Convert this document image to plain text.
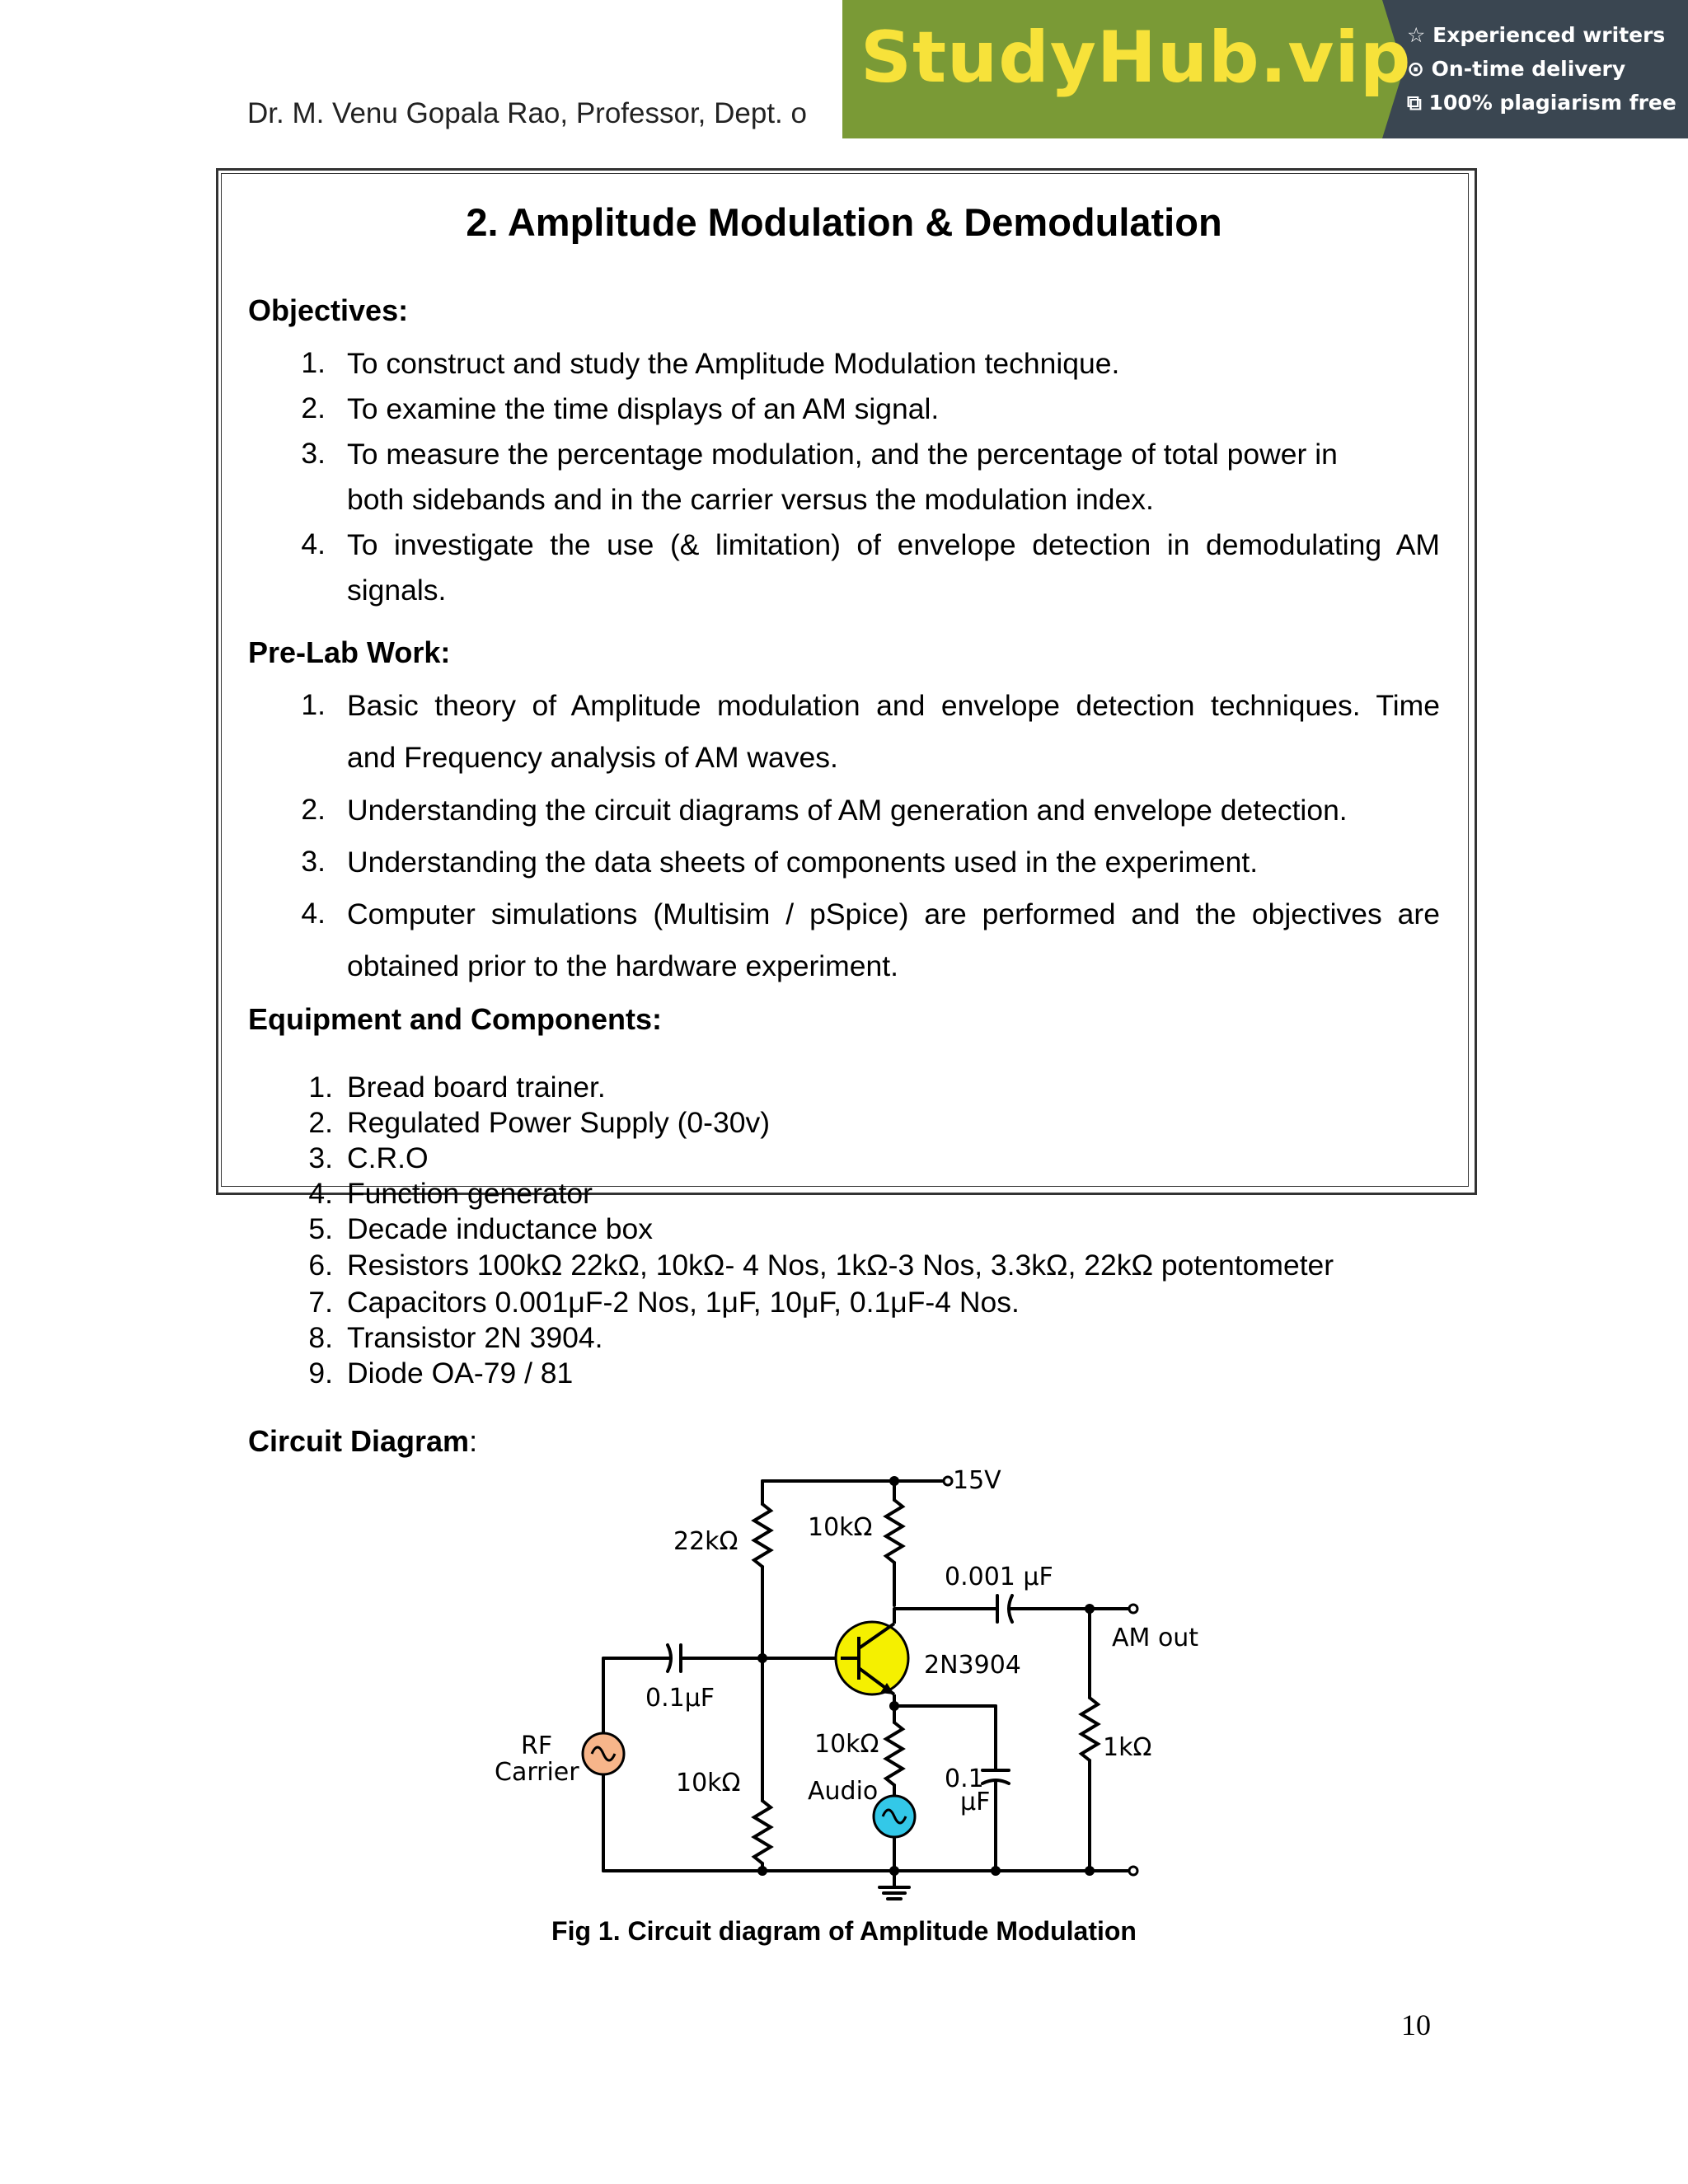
Dr. M. Venu Gopala Rao, Professor, Dept. o
StudyHub.vip
☆ Experienced writers
⊙ On-time delivery
⧉ 100% plagiarism free
2. Amplitude Modulation & Demodulation
Objectives:
1. To construct and study the Amplitude Modulation technique.
2. To examine the time displays of an AM signal.
3. To measure the percentage modulation, and the percentage of total power in
both sidebands and in the carrier versus the modulation index.
4. To investigate the use (& limitation) of envelope detection in demodulating AM
signals.
Pre-Lab Work:
1. Basic theory of Amplitude modulation and envelope detection techniques. Time
and Frequency analysis of AM waves.
2. Understanding the circuit diagrams of AM generation and envelope detection.
3. Understanding the data sheets of components used in the experiment.
4. Computer simulations (Multisim / pSpice) are performed and the objectives are
obtained prior to the hardware experiment.
Equipment and Components:
1. Bread board trainer.
2. Regulated Power Supply (0-30v)
3. C.R.O
4. Function generator
5. Decade inductance box
6. Resistors 100kΩ 22kΩ, 10kΩ- 4 Nos, 1kΩ-3 Nos, 3.3kΩ, 22kΩ potentometer
7. Capacitors 0.001μF-2 Nos, 1μF, 10μF, 0.1μF-4 Nos.
8. Transistor 2N 3904.
9. Diode OA-79 / 81
Circuit Diagram:
15V
22kΩ	10kΩ
0.001 μF
AM out
2N3904
0.1μF
RF
Carrier	10kΩ
10kΩ
Audio	0.1
μF
1kΩ
Fig 1. Circuit diagram of Amplitude Modulation
10
